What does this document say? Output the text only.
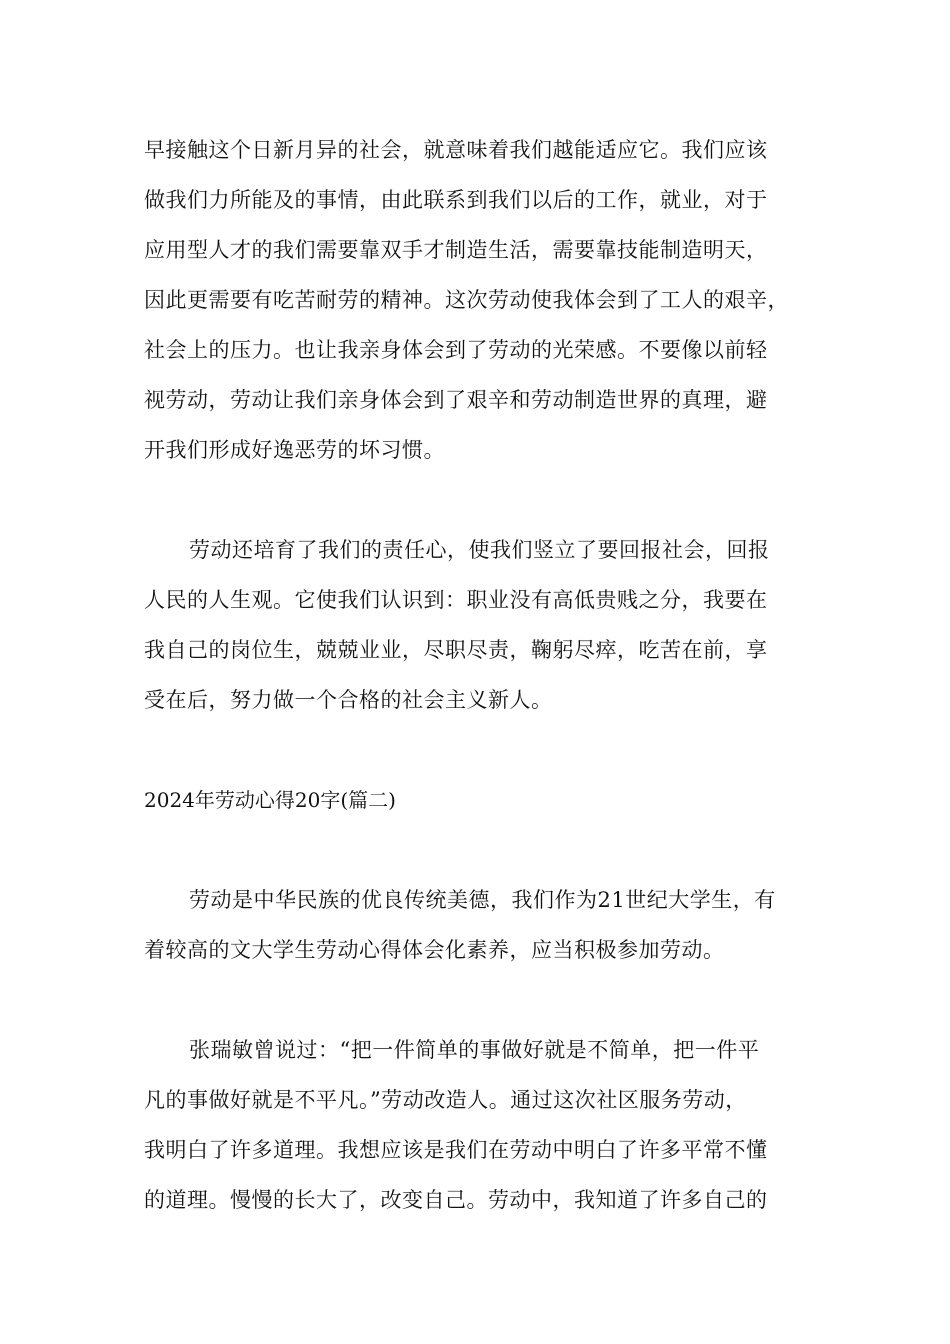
早接触这个日新月异的社会，就意味着我们越能适应它。我们应该
做我们力所能及的事情，由此联系到我们以后的工作，就业，对于
应用型人才的我们需要靠双手才制造生活，需要靠技能制造明天，
因此更需要有吃苦耐劳的精神。这次劳动使我体会到了工人的艰辛，
社会上的压力。也让我亲身体会到了劳动的光荣感。不要像以前轻
视劳动，劳动让我们亲身体会到了艰辛和劳动制造世界的真理，避
开我们形成好逸恶劳的坏习惯。
劳动还培育了我们的责任心，使我们竖立了要回报社会，回报
人民的人生观。它使我们认识到：职业没有高低贵贱之分，我要在
我自己的岗位生，兢兢业业，尽职尽责，鞠躬尽瘁，吃苦在前，享
受在后，努力做一个合格的社会主义新人。
2024年劳动心得20字(篇二)
劳动是中华民族的优良传统美德，我们作为21世纪大学生，有
着较高的文大学生劳动心得体会化素养，应当积极参加劳动。
张瑞敏曾说过：“把一件简单的事做好就是不简单，把一件平
凡的事做好就是不平凡。”劳动改造人。通过这次社区服务劳动，
我明白了许多道理。我想应该是我们在劳动中明白了许多平常不懂
的道理。慢慢的长大了，改变自己。劳动中，我知道了许多自己的
